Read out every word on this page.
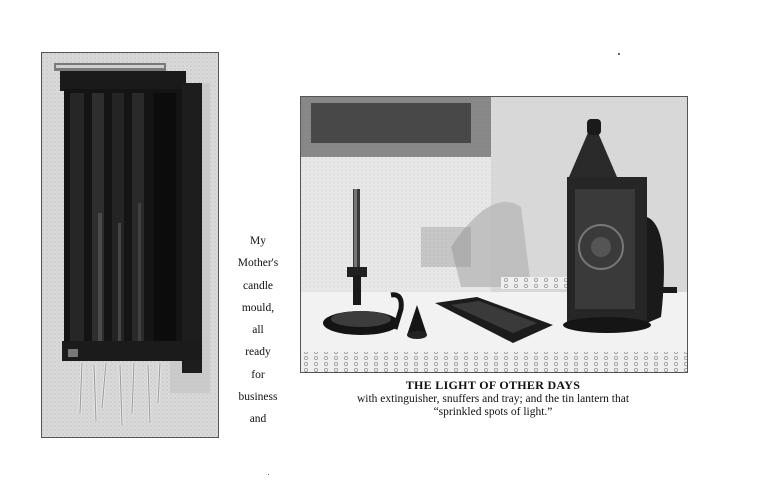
My
Mother's
candle
mould,
all
ready
for
business
and
THE LIGHT OF OTHER DAYS
with extinguisher, snuffers and tray; and the tin lantern that
“sprinkled spots of light.”
